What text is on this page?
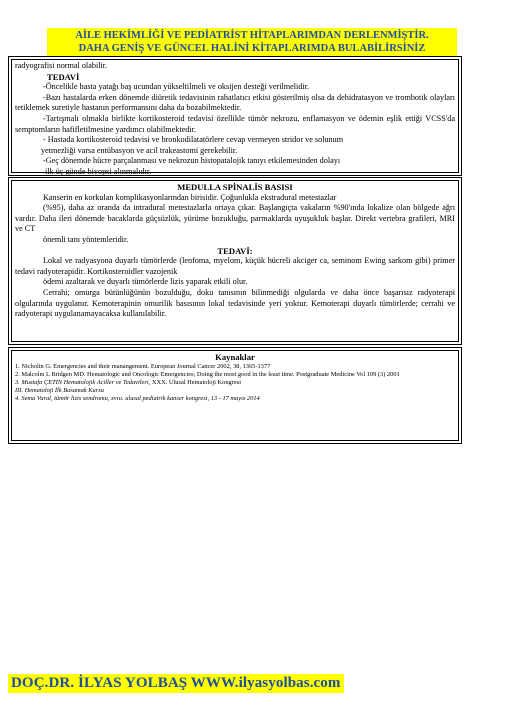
AİLE HEKİMLİĞİ VE PEDİATRİST HİTAPLARIMDAN DERLENMİŞTİR.
DAHA GENİŞ VE GÜNCEL HALİNİ KİTAPLARIMDA BULABİLİRSİNİZ
radyografisi normal olabilir.
TEDAVİ
-Öncelikle hasta yatağı baş ucundan yükseltilmeli ve oksijen desteği verilmelidir.
-Bazı hastalarda erken dönemde diüretik tedavisinin rahatlatıcı etkisi gösterilmiş olsa da dehidratasyon ve trombotik olayları tetiklemek suretiyle hastanın performansını daha da bozabilmektedir.
-Tartışmalı olmakla birlikte kortikosteroid tedavisi özellikle tümör nekrozu, enflamasyon ve ödemin eşlik ettiği VCSS'da semptomların hafifletilmesine yardımcı olabilmektedir.
- Hastada kortikosteroid tedavisi ve bronkodilatatörlere cevap vermeyen stridor ve solunum
yetmezliği varsa entübasyon ve acil trakeastomi gerekebilir.
-Geç dönemde hücre parçalanması ve nekrozun histopatalojik tanıyı etkilemesinden dolayı
ilk üç günde biyopsi alınmalıdır.
MEDULLA SPİNALİS BASISI
Kanserin en korkulan komplikasyonlarından birisidir. Çoğunlukla ekstradural metestazlar
(%95), daha az oranda da intradural metestazlarla ortaya çıkar. Başlangıçta vakaların %90'ında lokalize olan bölgede ağrı vardır. Daha ileri dönemde bacaklarda güçsüzlük, yürüme bozukluğu, parmaklarda uyuşukluk başlar. Direkt vertebra grafileri, MRI ve CT
önemli tanı yöntemleridir.
TEDAVİ:
Lokal ve radyasyona duyarlı tümörlerde (lenfoma, myelom, küçük hücreli akciger ca, seminom Ewing sarkom gibi) primer tedavi radyoterapidir. Kortikosteroidler vazojenik
ödemi azaltarak ve duyarlı tümörlerde lizis yaparak etkili olur.
Cerrahi; omurga bütünlüğünün bozulduğu, doku tanısının bilinmediği olgularda ve daha önce başarısız radyoterapi olgularında uygulanır. Kemoterapinin omurilik basısının lokal tedavisinde yeri yoktur. Kemoterapi duyarlı tümörlerde; cerrahi ve radyoterapi uygulanamayacaksa kullanılabilir.
Kaynaklar
1. Nicholin G. Emergencies and their manangement. European Journal Cancer 2002, 38, 1365-1377
2. Malcolm L Bridgen MD. Hematologic and Oncologic Emergencies; Doing the most good in the least time. Postgraduate Medicine Vol 109 (3) 2001
3. Mustafa ÇETİN Hematolojik Aciller ve Tedavileri, XXX. Ulusal Hematoloji Kongresi
III. Hematoloji İlk Basamak Kursu
4. Sema Vural, tümör lizis sendromu, xvııı. ulusal pediatrik kanser kongresi, 13 - 17 mayıs 2014
DOÇ.DR. İLYAS YOLBAŞ WWW.ilyasyolbas.com
